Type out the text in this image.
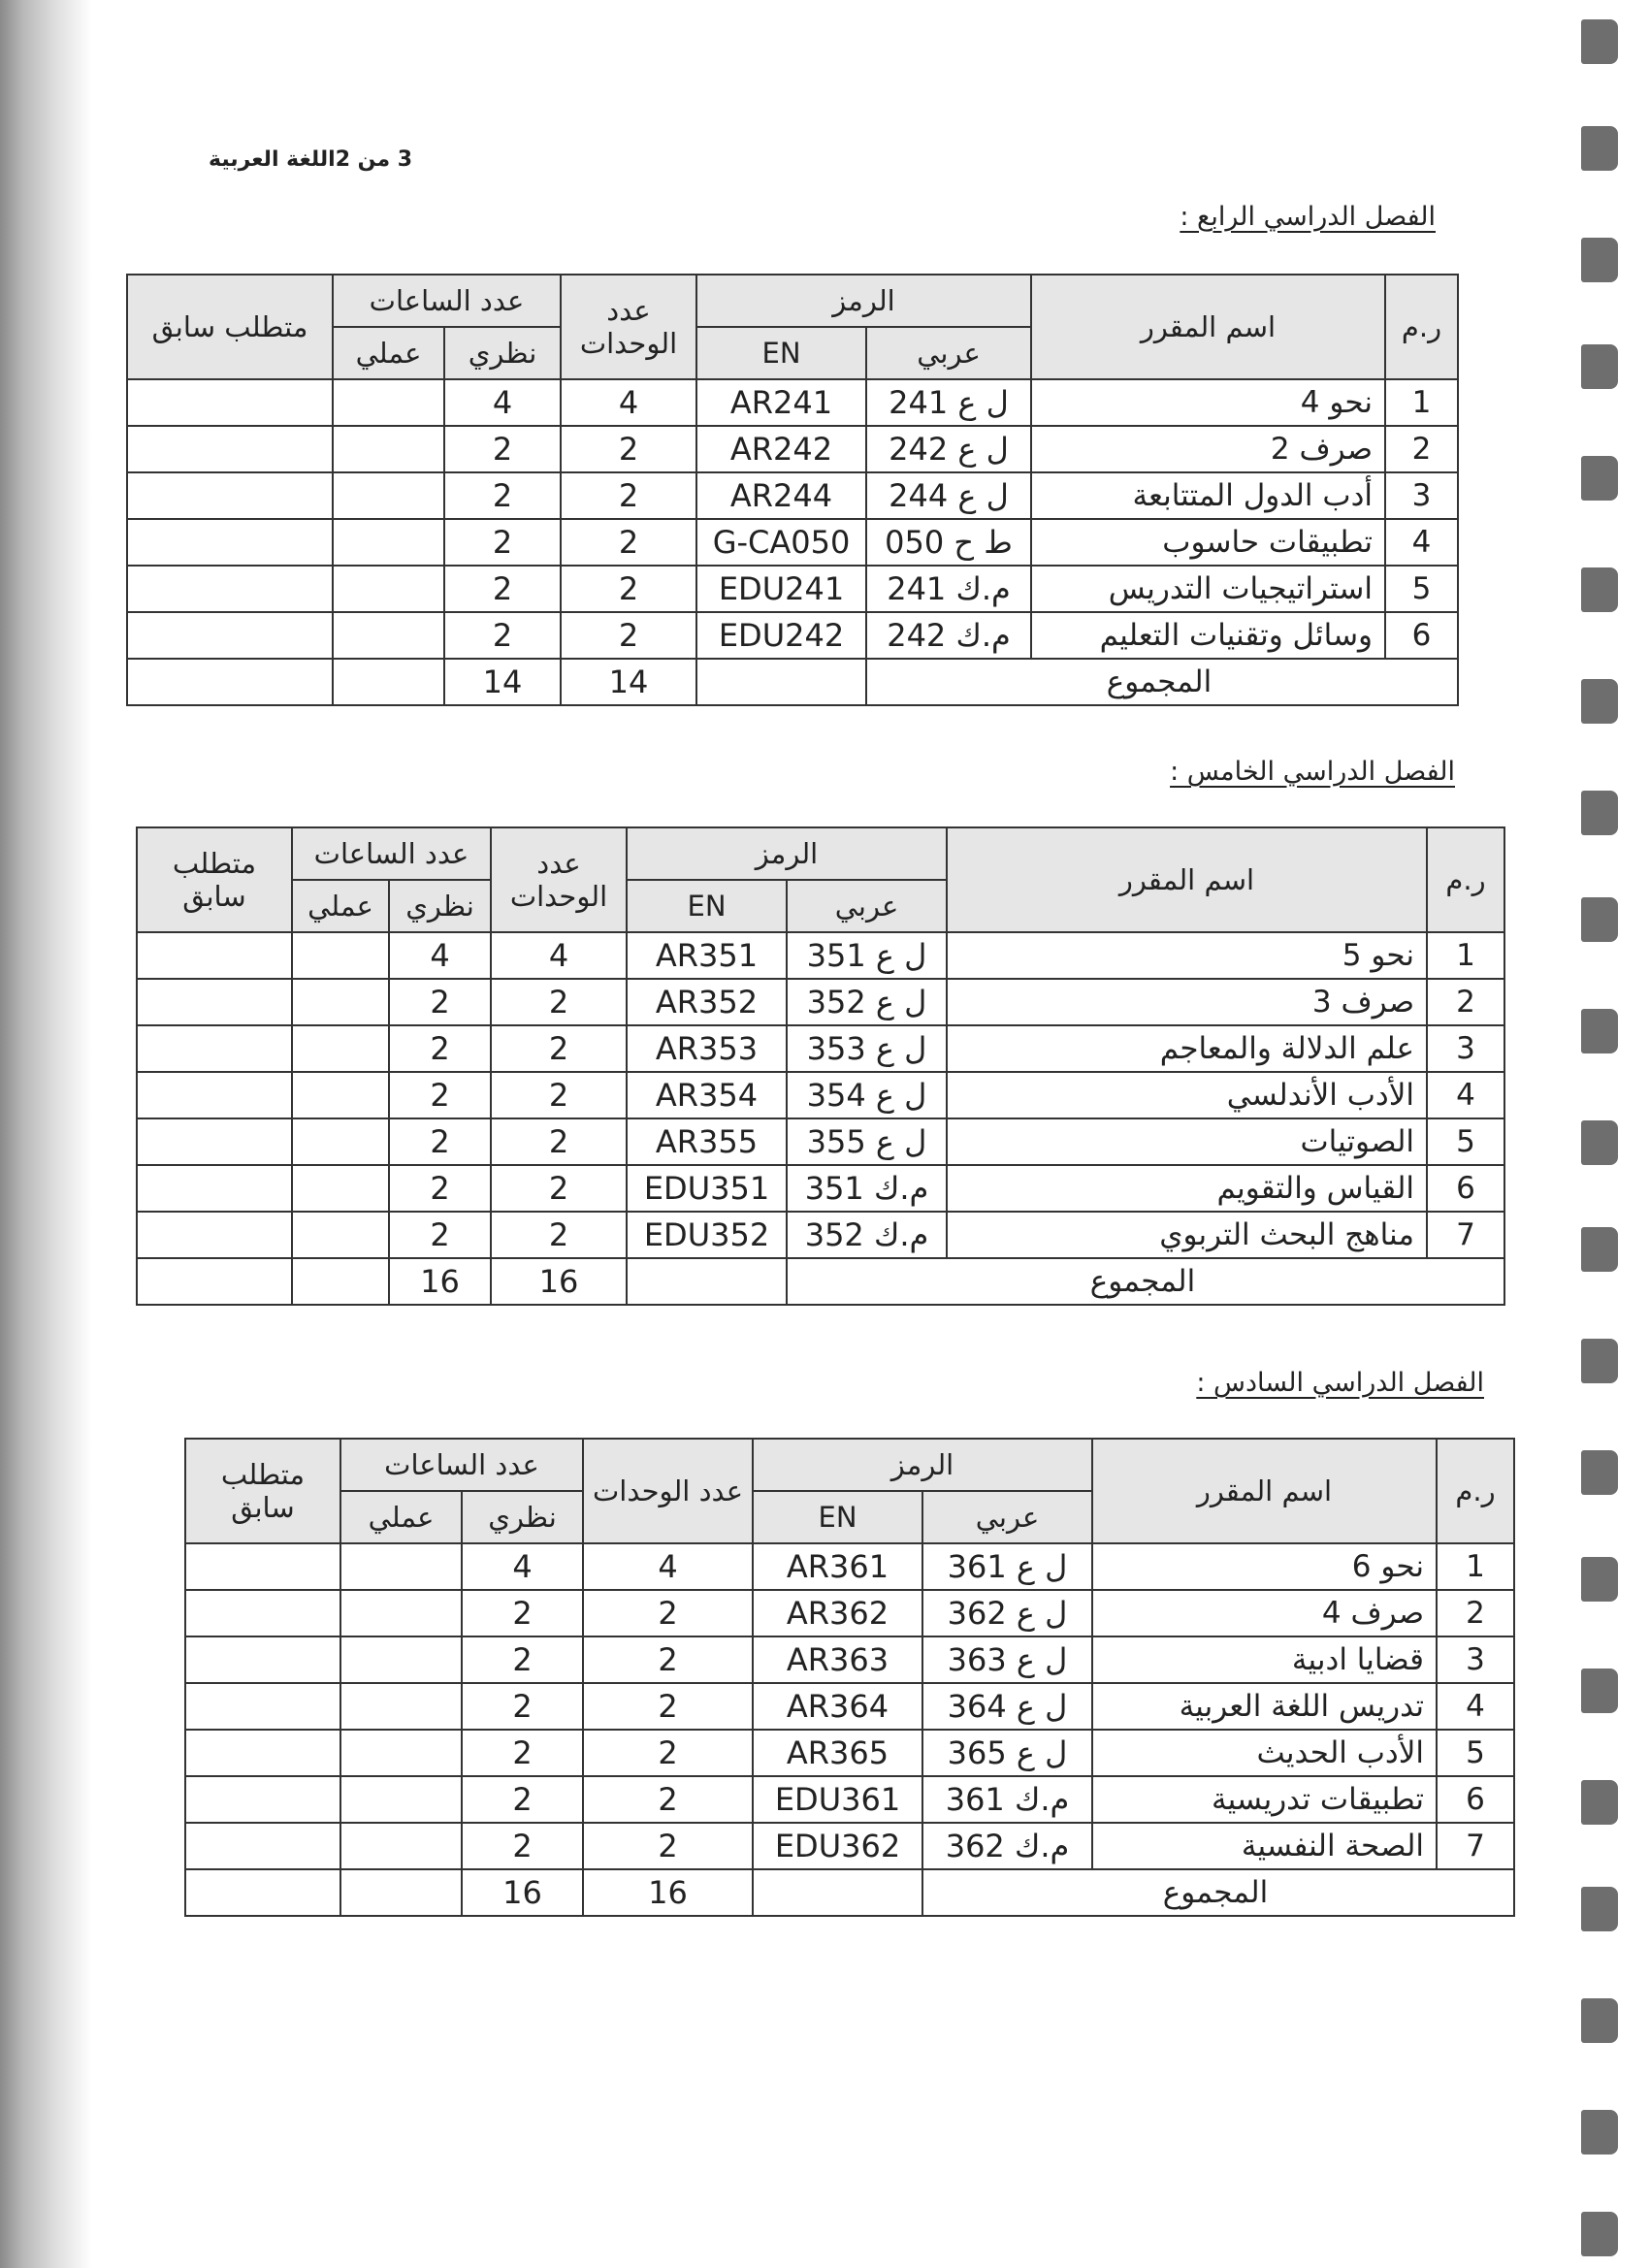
3 من 2اللغة العربية
الفصل الدراسي الرابع :
ر.م	اسم المقرر	الرمز		عدد الوحدات	عدد الساعات		متطلب سابق
		عربي	EN		نظري	عملي	
1	نحو 4	ل ع 241	AR241	4	4		
2	صرف 2	ل ع 242	AR242	2	2		
3	أدب الدول المتتابعة	ل ع 244	AR244	2	2		
4	تطبيقات حاسوب	ط ح 050	G-CA050	2	2		
5	استراتيجيات التدريس	م.ك 241	EDU241	2	2		
6	وسائل وتقنيات التعليم	م.ك 242	EDU242	2	2		
المجموع				14	14		
الفصل الدراسي الخامس :
ر.م	اسم المقرر	الرمز		عدد الوحدات	عدد الساعات		متطلب سابق
		عربي	EN		نظري	عملي	
1	نحو 5	ل ع 351	AR351	4	4		
2	صرف 3	ل ع 352	AR352	2	2		
3	علم الدلالة والمعاجم	ل ع 353	AR353	2	2		
4	الأدب الأندلسي	ل ع 354	AR354	2	2		
5	الصوتيات	ل ع 355	AR355	2	2		
6	القياس والتقويم	م.ك 351	EDU351	2	2		
7	مناهج البحث التربوي	م.ك 352	EDU352	2	2		
المجموع				16	16		
الفصل الدراسي السادس :
ر.م	اسم المقرر	الرمز		عدد الوحدات	عدد الساعات		متطلب سابق
		عربي	EN		نظري	عملي	
1	نحو 6	ل ع 361	AR361	4	4		
2	صرف 4	ل ع 362	AR362	2	2		
3	قضايا ادبية	ل ع 363	AR363	2	2		
4	تدريس اللغة العربية	ل ع 364	AR364	2	2		
5	الأدب الحديث	ل ع 365	AR365	2	2		
6	تطبيقات تدريسية	م.ك 361	EDU361	2	2		
7	الصحة النفسية	م.ك 362	EDU362	2	2		
المجموع				16	16		
